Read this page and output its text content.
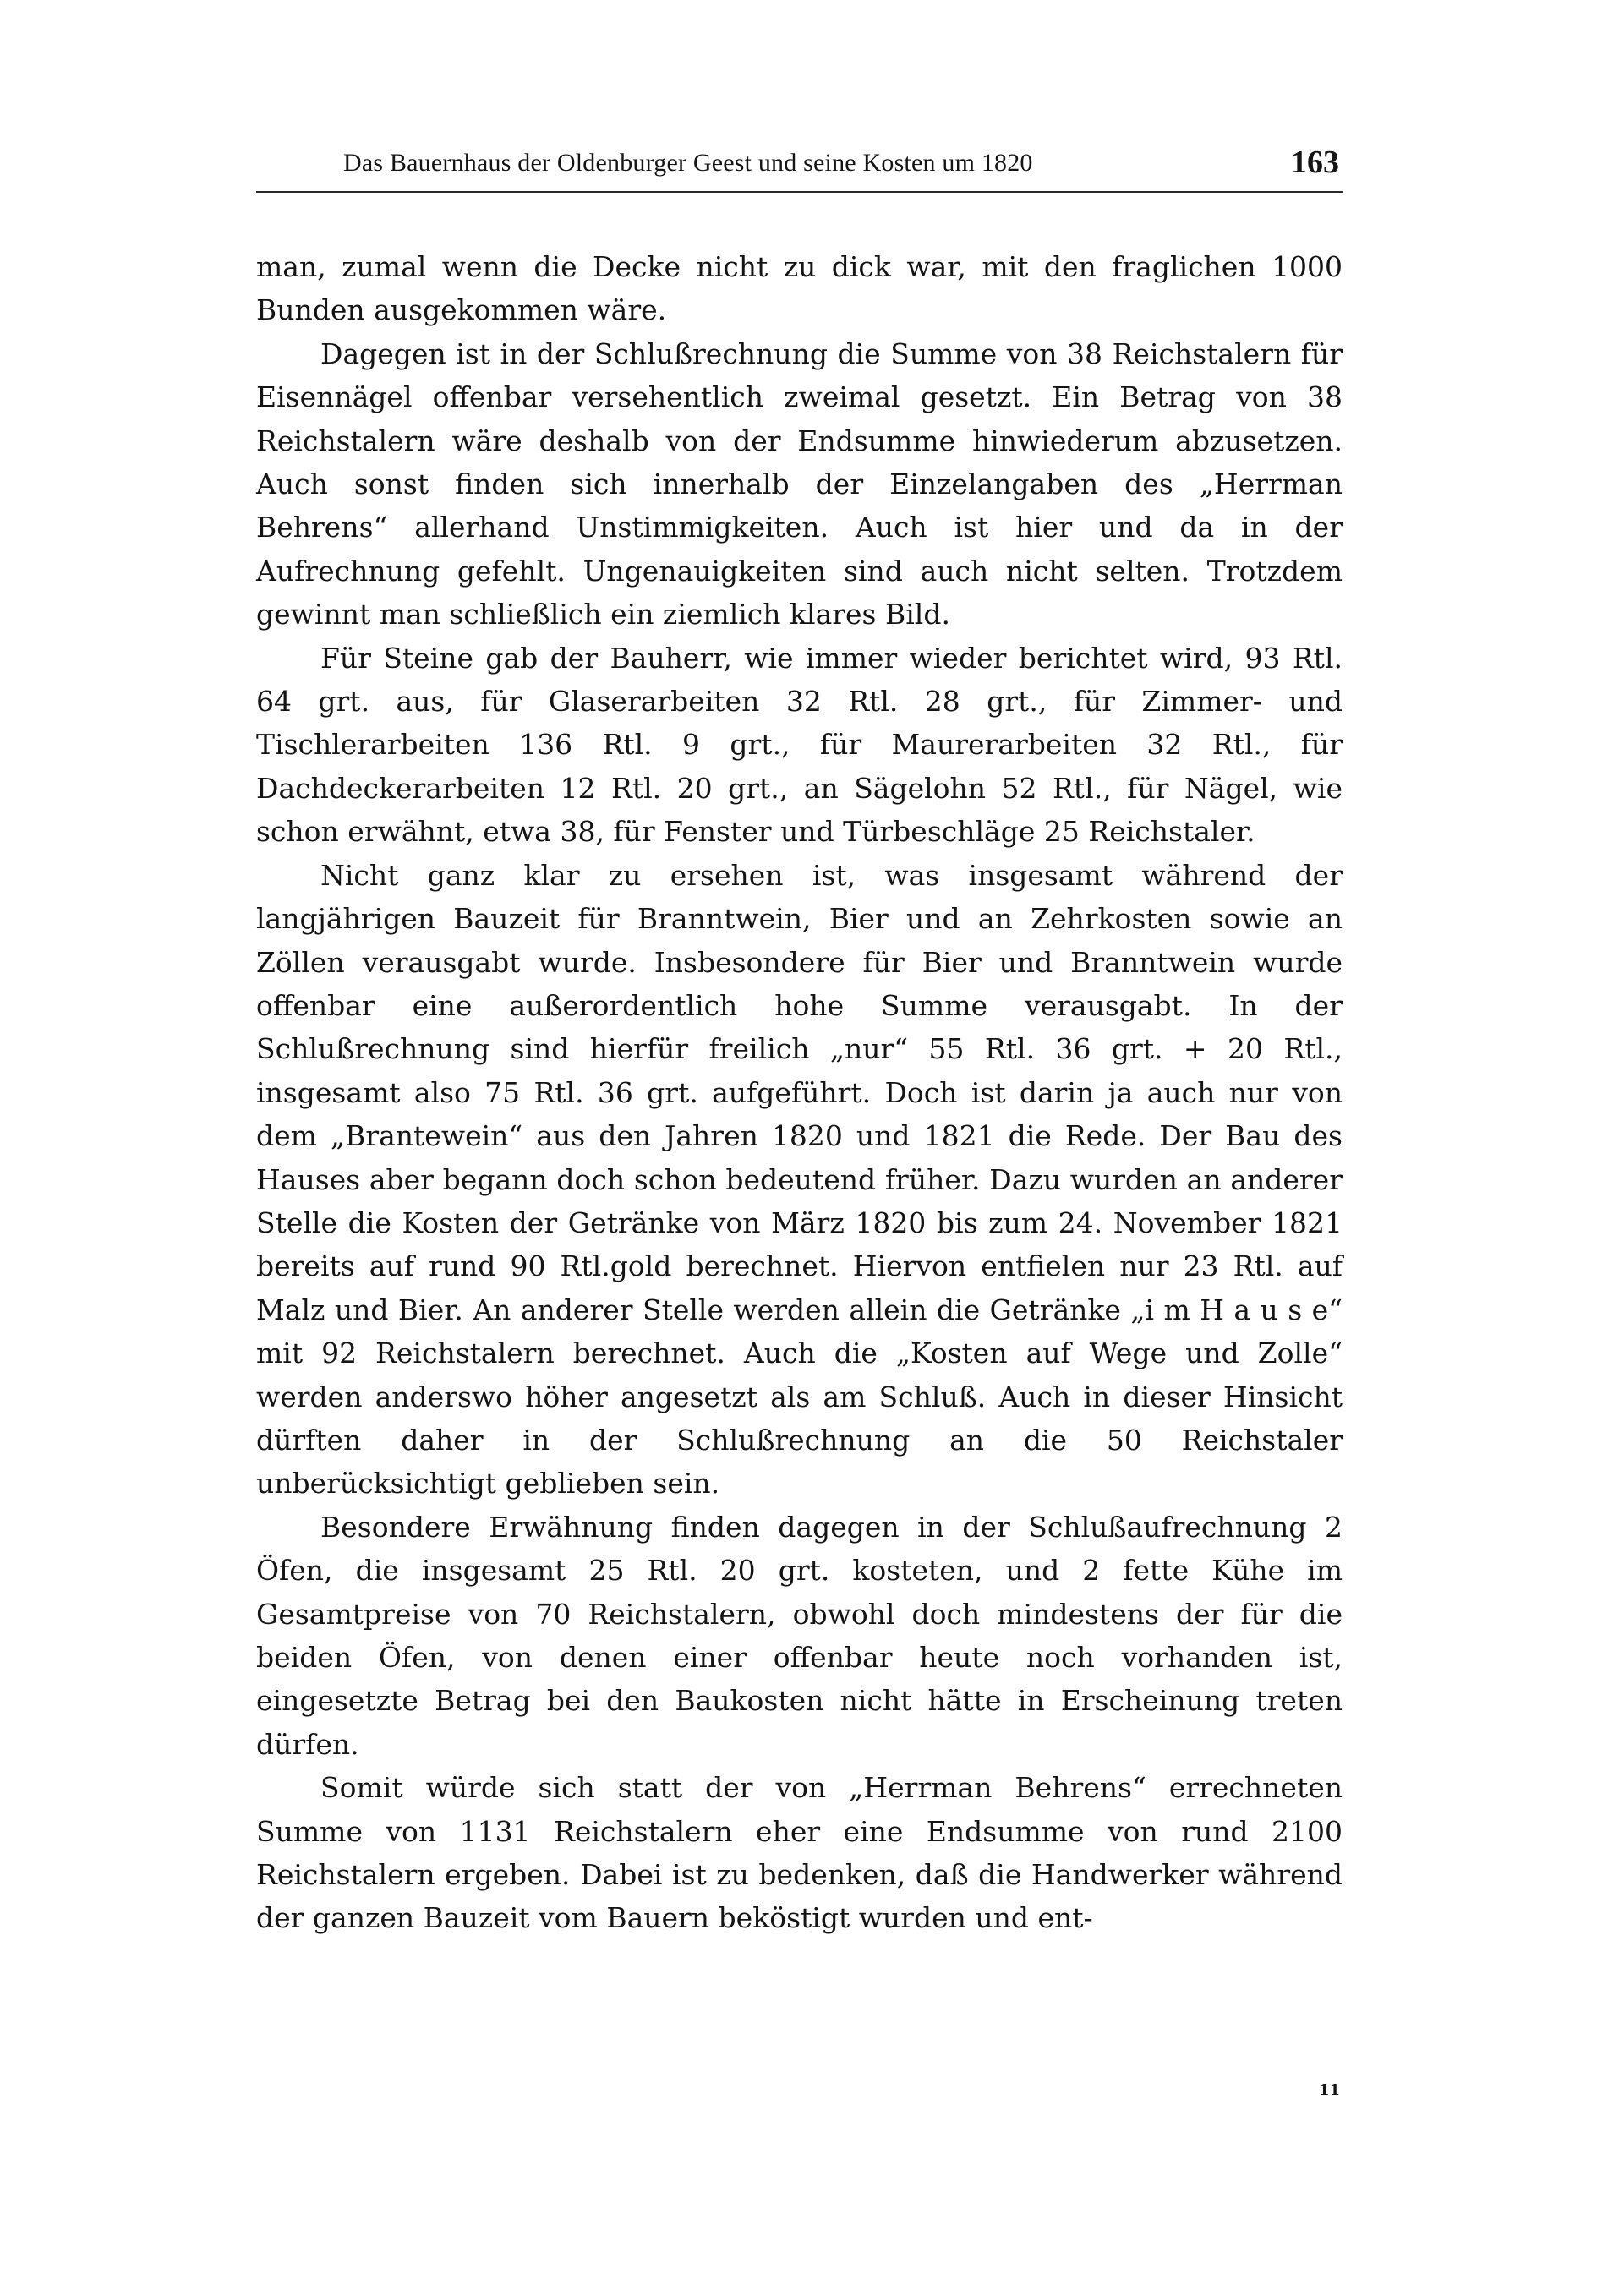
Das Bauernhaus der Oldenburger Geest und seine Kosten um 1820	163

man, zumal wenn die Decke nicht zu dick war, mit den fraglichen 1000 Bunden ausgekommen wäre.

Dagegen ist in der Schlußrechnung die Summe von 38 Reichstalern für Eisennägel offenbar versehentlich zweimal gesetzt. Ein Betrag von 38 Reichstalern wäre deshalb von der Endsumme hinwiederum abzusetzen. Auch sonst finden sich innerhalb der Einzelangaben des „Herrman Behrens“ allerhand Unstimmigkeiten. Auch ist hier und da in der Aufrechnung gefehlt. Ungenauigkeiten sind auch nicht selten. Trotzdem gewinnt man schließlich ein ziemlich klares Bild.

Für Steine gab der Bauherr, wie immer wieder berichtet wird, 93 Rtl. 64 grt. aus, für Glaserarbeiten 32 Rtl. 28 grt., für Zimmer- und Tischlerarbeiten 136 Rtl. 9 grt., für Maurerarbeiten 32 Rtl., für Dachdeckerarbeiten 12 Rtl. 20 grt., an Sägelohn 52 Rtl., für Nägel, wie schon erwähnt, etwa 38, für Fenster und Türbeschläge 25 Reichstaler.

Nicht ganz klar zu ersehen ist, was insgesamt während der langjährigen Bauzeit für Branntwein, Bier und an Zehrkosten sowie an Zöllen verausgabt wurde. Insbesondere für Bier und Branntwein wurde offenbar eine außerordentlich hohe Summe verausgabt. In der Schlußrechnung sind hierfür freilich „nur“ 55 Rtl. 36 grt. + 20 Rtl., insgesamt also 75 Rtl. 36 grt. aufgeführt. Doch ist darin ja auch nur von dem „Brantewein“ aus den Jahren 1820 und 1821 die Rede. Der Bau des Hauses aber begann doch schon bedeutend früher. Dazu wurden an anderer Stelle die Kosten der Getränke von März 1820 bis zum 24. November 1821 bereits auf rund 90 Rtl.gold berechnet. Hiervon entfielen nur 23 Rtl. auf Malz und Bier. An anderer Stelle werden allein die Getränke „i m H a u s e“ mit 92 Reichstalern berechnet. Auch die „Kosten auf Wege und Zolle“ werden anderswo höher angesetzt als am Schluß. Auch in dieser Hinsicht dürften daher in der Schlußrechnung an die 50 Reichstaler unberücksichtigt geblieben sein.

Besondere Erwähnung finden dagegen in der Schlußaufrechnung 2 Öfen, die insgesamt 25 Rtl. 20 grt. kosteten, und 2 fette Kühe im Gesamtpreise von 70 Reichstalern, obwohl doch mindestens der für die beiden Öfen, von denen einer offenbar heute noch vorhanden ist, eingesetzte Betrag bei den Baukosten nicht hätte in Erscheinung treten dürfen.

Somit würde sich statt der von „Herrman Behrens“ errechneten Summe von 1131 Reichstalern eher eine Endsumme von rund 2100 Reichstalern ergeben. Dabei ist zu bedenken, daß die Handwerker während der ganzen Bauzeit vom Bauern beköstigt wurden und ent-

11
